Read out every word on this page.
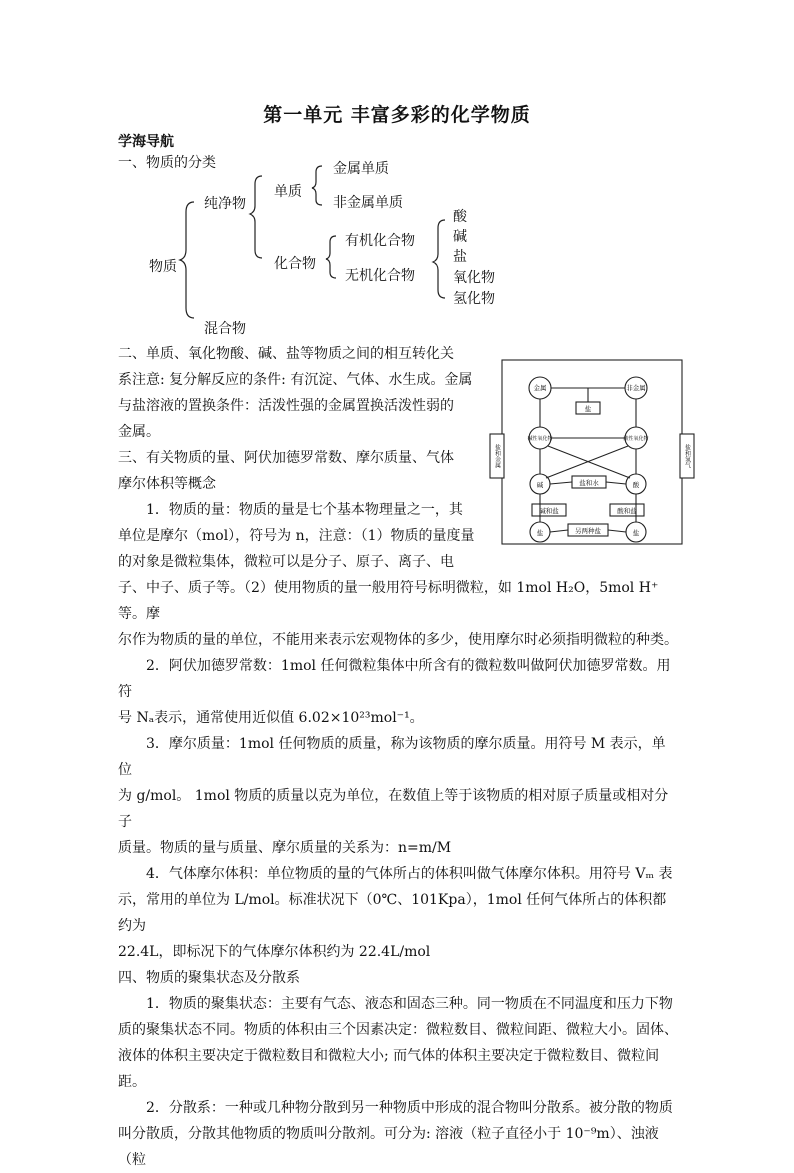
第一单元 丰富多彩的化学物质
学海导航
一、物质的分类
物质
纯净物
混合物
单质
金属单质
非金属单质
化合物
有机化合物
无机化合物
酸
碱
盐
氧化物
氢化物

二、单质、氧化物酸、碱、盐等物质之间的相互转化关

系注意: 复分解反应的条件: 有沉淀、气体、水生成。金属

与盐溶液的置换条件：活泼性强的金属置换活泼性弱的

金属。

三、有关物质的量、阿伏加德罗常数、摩尔质量、气体

摩尔体积等概念

1．物质的量：物质的量是七个基本物理量之一，其

单位是摩尔（mol），符号为 n，注意：（1）物质的量度量

的对象是微粒集体，微粒可以是分子、原子、离子、电

金属	非金属
盐
碱性氧化物	酸性氧化物
碱	酸
盐和水
碱和盐	酸和盐
另两种盐
盐	盐
盐和金属	盐和氢气

子、中子、质子等。（2）使用物质的量一般用符号标明微粒，如 1mol H₂O，5mol H⁺等。摩

尔作为物质的量的单位，不能用来表示宏观物体的多少，使用摩尔时必须指明微粒的种类。

2．阿伏加德罗常数：1mol 任何微粒集体中所含有的微粒数叫做阿伏加德罗常数。用符

号 Nₐ表示，通常使用近似值 6.02×10²³mol⁻¹。

3．摩尔质量：1mol 任何物质的质量，称为该物质的摩尔质量。用符号 M 表示，单位

为 g/mol。 1mol 物质的质量以克为单位，在数值上等于该物质的相对原子质量或相对分子

质量。物质的量与质量、摩尔质量的关系为：n=m/M

4．气体摩尔体积：单位物质的量的气体所占的体积叫做气体摩尔体积。用符号 Vₘ 表

示，常用的单位为 L/mol。标准状况下（0℃、101Kpa），1mol 任何气体所占的体积都约为

22.4L，即标况下的气体摩尔体积约为 22.4L/mol

四、物质的聚集状态及分散系

1．物质的聚集状态：主要有气态、液态和固态三种。同一物质在不同温度和压力下物

质的聚集状态不同。物质的体积由三个因素决定：微粒数目、微粒间距、微粒大小。固体、

液体的体积主要决定于微粒数目和微粒大小; 而气体的体积主要决定于微粒数目、微粒间距。

2．分散系：一种或几种物分散到另一种物质中形成的混合物叫分散系。被分散的物质

叫分散质，分散其他物质的物质叫分散剂。可分为: 溶液（粒子直径小于 10⁻⁹m）、浊液（粒
